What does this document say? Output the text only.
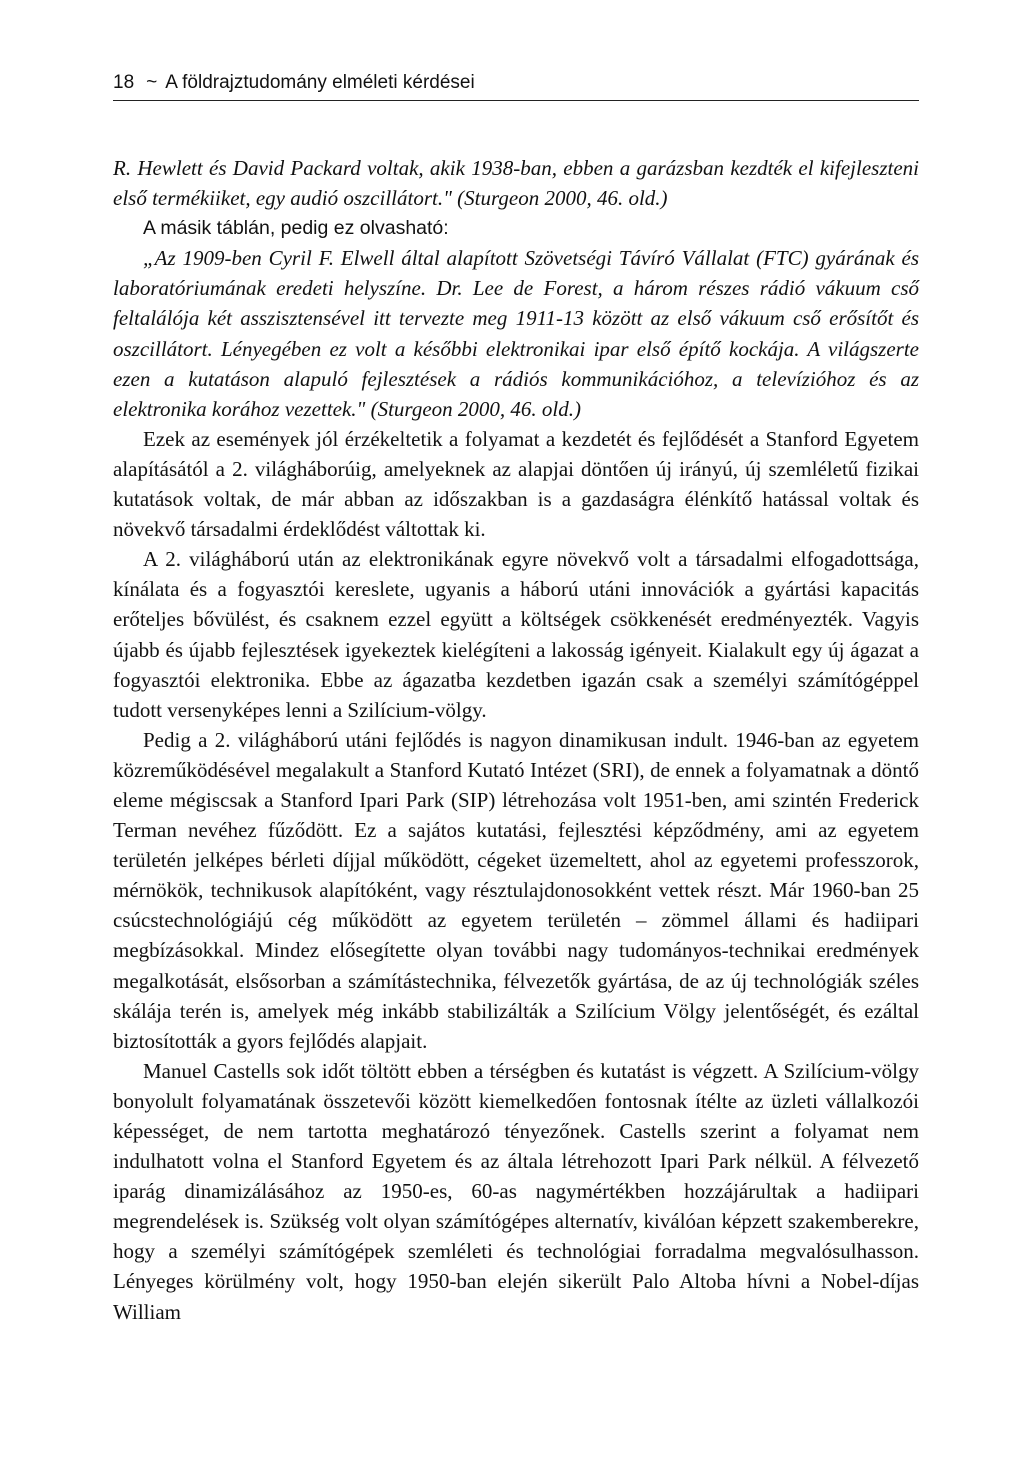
18 ~ A földrajztudomány elméleti kérdései

R. Hewlett és David Packard voltak, akik 1938-ban, ebben a garázsban kezdték el kifejleszteni első termékiiket, egy audió oszcillátort." (Sturgeon 2000, 46. old.)

A másik táblán, pedig ez olvasható:

„Az 1909-ben Cyril F. Elwell által alapított Szövetségi Távíró Vállalat (FTC) gyárának és laboratóriumának eredeti helyszíne. Dr. Lee de Forest, a három részes rádió vákuum cső feltalálója két asszisztensével itt tervezte meg 1911-13 között az első vákuum cső erősítőt és oszcillátort. Lényegében ez volt a későbbi elektronikai ipar első építő kockája. A világszerte ezen a kutatáson alapuló fejlesztések a rádiós kommunikációhoz, a televízióhoz és az elektronika korához vezettek." (Sturgeon 2000, 46. old.)

Ezek az események jól érzékeltetik a folyamat a kezdetét és fejlődését a Stanford Egyetem alapításától a 2. világháborúig, amelyeknek az alapjai döntően új irányú, új szemléletű fizikai kutatások voltak, de már abban az időszakban is a gazdaságra élénkítő hatással voltak és növekvő társadalmi érdeklődést váltottak ki.

A 2. világháború után az elektronikának egyre növekvő volt a társadalmi elfogadottsága, kínálata és a fogyasztói kereslete, ugyanis a háború utáni innovációk a gyártási kapacitás erőteljes bővülést, és csaknem ezzel együtt a költségek csökkenését eredményezték. Vagyis újabb és újabb fejlesztések igyekeztek kielégíteni a lakosság igényeit. Kialakult egy új ágazat a fogyasztói elektronika. Ebbe az ágazatba kezdetben igazán csak a személyi számítógéppel tudott versenyképes lenni a Szilícium-völgy.

Pedig a 2. világháború utáni fejlődés is nagyon dinamikusan indult. 1946-ban az egyetem közreműködésével megalakult a Stanford Kutató Intézet (SRI), de ennek a folyamatnak a döntő eleme mégiscsak a Stanford Ipari Park (SIP) létrehozása volt 1951-ben, ami szintén Frederick Terman nevéhez fűződött. Ez a sajátos kutatási, fejlesztési képződmény, ami az egyetem területén jelképes bérleti díjjal működött, cégeket üzemeltett, ahol az egyetemi professzorok, mérnökök, technikusok alapítóként, vagy résztulajdonosokként vettek részt. Már 1960-ban 25 csúcstechnológiájú cég működött az egyetem területén – zömmel állami és hadiipari megbízásokkal. Mindez elősegítette olyan további nagy tudományos-technikai eredmények megalkotását, elsősorban a számítástechnika, félvezetők gyártása, de az új technológiák széles skálája terén is, amelyek még inkább stabilizálták a Szilícium Völgy jelentőségét, és ezáltal biztosították a gyors fejlődés alapjait.

Manuel Castells sok időt töltött ebben a térségben és kutatást is végzett. A Szilícium-völgy bonyolult folyamatának összetevői között kiemelkedően fontosnak ítélte az üzleti vállalkozói képességet, de nem tartotta meghatározó tényezőnek. Castells szerint a folyamat nem indulhatott volna el Stanford Egyetem és az általa létrehozott Ipari Park nélkül. A félvezető iparág dinamizálásához az 1950-es, 60-as nagymértékben hozzájárultak a hadiipari megrendelések is. Szükség volt olyan számítógépes alternatív, kiválóan képzett szakemberekre, hogy a személyi számítógépek szemléleti és technológiai forradalma megvalósulhasson. Lényeges körülmény volt, hogy 1950-ban elején sikerült Palo Altoba hívni a Nobel-díjas William
